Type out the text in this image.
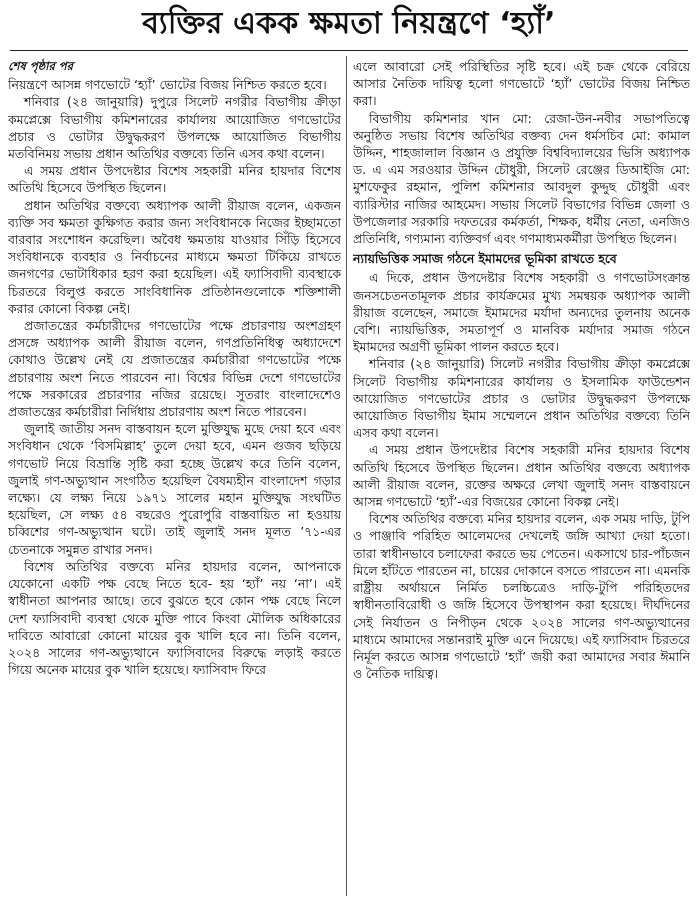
ব্যক্তির একক ক্ষমতা নিয়ন্ত্রণে ‘হ্যাঁ’
শেষ পৃষ্ঠার পর

নিয়ন্ত্রণে আসন্ন গণভোটে ‘হ্যাঁ’ ভোটের বিজয় নিশ্চিত করতে হবে।

শনিবার (২৪ জানুয়ারি) দুপুরে সিলেট নগরীর বিভাগীয় ক্রীড়া কমপ্লেক্সে বিভাগীয় কমিশনারের কার্যালয় আয়োজিত গণভোটের প্রচার ও ভোটার উদ্বুদ্ধকরণ উপলক্ষে আয়োজিত বিভাগীয় মতবিনিময় সভায় প্রধান অতিথির বক্তব্যে তিনি এসব কথা বলেন।

এ সময় প্রধান উপদেষ্টার বিশেষ সহকারী মনির হায়দার বিশেষ অতিথি হিসেবে উপস্থিত ছিলেন।

প্রধান অতিথির বক্তব্যে অধ্যাপক আলী রীয়াজ বলেন, একজন ব্যক্তি সব ক্ষমতা কুক্ষিগত করার জন্য সংবিধানকে নিজের ইচ্ছামতো বারবার সংশোধন করেছিল। অবৈধ ক্ষমতায় যাওয়ার সিঁড়ি হিসেবে সংবিধানকে ব্যবহার ও নির্বাচনের মাধ্যমে ক্ষমতা টিকিয়ে রাখতে জনগণের ভোটাধিকার হরণ করা হয়েছিল। এই ফ্যাসিবাদী ব্যবস্থাকে চিরতরে বিলুপ্ত করতে সাংবিধানিক প্রতিষ্ঠানগুলোকে শক্তিশালী করার কোনো বিকল্প নেই।

প্রজাতন্ত্রের কর্মচারীদের গণভোটের পক্ষে প্রচারণায় অংশগ্রহণ প্রসঙ্গে অধ্যাপক আলী রীয়াজ বলেন, গণপ্রতিনিধিত্ব অধ্যাদেশে কোথাও উল্লেখ নেই যে প্রজাতন্ত্রের কর্মচারীরা গণভোটের পক্ষে প্রচারণায় অংশ নিতে পারবেন না। বিশ্বের বিভিন্ন দেশে গণভোটের পক্ষে সরকারের প্রচারণার নজির রয়েছে। সুতরাং বাংলাদেশেও প্রজাতন্ত্রের কর্মচারীরা নির্দিধায় প্রচারণায় অংশ নিতে পারবেন।

জুলাই জাতীয় সনদ বাস্তবায়ন হলে মুক্তিযুদ্ধ মুছে দেয়া হবে এবং সংবিধান থেকে ‘বিসমিল্লাহ’ তুলে দেয়া হবে, এমন গুজব ছড়িয়ে গণভোট নিয়ে বিভ্রান্তি সৃষ্টি করা হচ্ছে উল্লেখ করে তিনি বলেন, জুলাই গণ-অভ্যুত্থান সংগঠিত হয়েছিল বৈষম্যহীন বাংলাদেশ গড়ার লক্ষ্যে। যে লক্ষ্য নিয়ে ১৯৭১ সালের মহান মুক্তিযুদ্ধ সংঘটিত হয়েছিল, সে লক্ষ্য ৫৪ বছরেও পুরোপুরি বাস্তবায়িত না হওয়ায় চব্বিশের গণ-অভ্যুত্থান ঘটে। তাই জুলাই সনদ মূলত ’৭১-এর চেতনাকে সমুন্নত রাখার সনদ।

বিশেষ অতিথির বক্তব্যে মনির হায়দার বলেন, আপনাকে যেকোনো একটি পক্ষ বেছে নিতে হবে- হয় ‘হ্যাঁ’ নয় ‘না’। এই স্বাধীনতা আপনার আছে। তবে বুঝতে হবে কোন পক্ষ বেছে নিলে দেশ ফ্যাসিবাদী ব্যবস্থা থেকে মুক্তি পাবে কিংবা মৌলিক অধিকারের দাবিতে আবারো কোনো মায়ের বুক খালি হবে না। তিনি বলেন, ২০২৪ সালের গণ-অভ্যুত্থানে ফ্যাসিবাদের বিরুদ্ধে লড়াই করতে গিয়ে অনেক মায়ের বুক খালি হয়েছে। ফ্যাসিবাদ ফিরে

এলে আবারো সেই পরিস্থিতির সৃষ্টি হবে। এই চক্র থেকে বেরিয়ে আসার নৈতিক দায়িত্ব হলো গণভোটে ‘হ্যাঁ’ ভোটের বিজয় নিশ্চিত করা।

বিভাগীয় কমিশনার খান মো: রেজা-উন-নবীর সভাপতিত্বে অনুষ্ঠিত সভায় বিশেষ অতিথির বক্তব্য দেন ধর্মসচিব মো: কামাল উদ্দিন, শাহজালাল বিজ্ঞান ও প্রযুক্তি বিশ্ববিদ্যালয়ের ভিসি অধ্যাপক ড. এ এম সরওয়ার উদ্দিন চৌধুরী, সিলেট রেঞ্জের ডিআইজি মো: মুশফেকুর রহমান, পুলিশ কমিশনার আবদুল কুদ্দুছ চৌধুরী এবং ব্যারিস্টার নাজির আহমেদ। সভায় সিলেট বিভাগের বিভিন্ন জেলা ও উপজেলার সরকারি দফতরের কর্মকর্তা, শিক্ষক, ধর্মীয় নেতা, এনজিও প্রতিনিধি, গণ্যমান্য ব্যক্তিবর্গ এবং গণমাধ্যমকর্মীরা উপস্থিত ছিলেন।

ন্যায়ভিত্তিক সমাজ গঠনে ইমামদের ভূমিকা রাখতে হবে

এ দিকে, প্রধান উপদেষ্টার বিশেষ সহকারী ও গণভোটসংক্রান্ত জনসচেতনতামূলক প্রচার কার্যক্রমের মুখ্য সমন্বয়ক অধ্যাপক আলী রীয়াজ বলেছেন, সমাজে ইমামদের মর্যাদা অন্যদের তুলনায় অনেক বেশি। ন্যায়ভিত্তিক, সমতাপূর্ণ ও মানবিক মর্যাদার সমাজ গঠনে ইমামদের অগ্রণী ভূমিকা পালন করতে হবে।

শনিবার (২৪ জানুয়ারি) সিলেট নগরীর বিভাগীয় ক্রীড়া কমপ্লেক্সে সিলেট বিভাগীয় কমিশনারের কার্যালয় ও ইসলামিক ফাউন্ডেশন আয়োজিত গণভোটের প্রচার ও ভোটার উদ্বুদ্ধকরণ উপলক্ষে আয়োজিত বিভাগীয় ইমাম সম্মেলনে প্রধান অতিথির বক্তব্যে তিনি এসব কথা বলেন।

এ সময় প্রধান উপদেষ্টার বিশেষ সহকারী মনির হায়দার বিশেষ অতিথি হিসেবে উপস্থিত ছিলেন। প্রধান অতিথির বক্তব্যে অধ্যাপক আলী রীয়াজ বলেন, রক্তের অক্ষরে লেখা জুলাই সনদ বাস্তবায়নে আসন্ন গণভোটে ‘হ্যাঁ’-এর বিজয়ের কোনো বিকল্প নেই।

বিশেষ অতিথির বক্তব্যে মনির হায়দার বলেন, এক সময় দাড়ি, টুপি ও পাঞ্জাবি পরিহিত আলেমদের দেখলেই জঙ্গি আখ্যা দেয়া হতো। তারা স্বাধীনভাবে চলাফেরা করতে ভয় পেতেন। একসাথে চার-পাঁচজন মিলে হাঁটতে পারতেন না, চায়ের দোকানে বসতে পারতেন না। এমনকি রাষ্ট্রীয় অর্থায়নে নির্মিত চলচ্চিত্রেও দাড়ি-টুপি পরিহিতদের স্বাধীনতাবিরোধী ও জঙ্গি হিসেবে উপস্থাপন করা হয়েছে। দীর্ঘদিনের সেই নির্যাতন ও নিপীড়ন থেকে ২০২৪ সালের গণ-অভ্যুত্থানের মাধ্যমে আমাদের সন্তানরাই মুক্তি এনে দিয়েছে। এই ফ্যাসিবাদ চিরতরে নির্মূল করতে আসন্ন গণভোটে ‘হ্যাঁ’ জয়ী করা আমাদের সবার ঈমানি ও নৈতিক দায়িত্ব।
